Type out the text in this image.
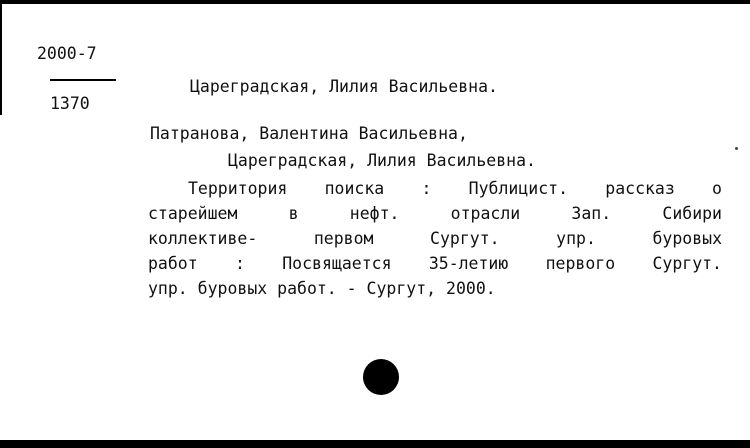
2000-7
1370
Цареградская, Лилия Васильевна.
Патранова, Валентина Васильевна,
Цареградская, Лилия Васильевна.
Территория поиска : Публицист. рассказ о
старейшем в нефт. отрасли Зап. Сибири
коллективе- первом Сургут. упр. буровых
работ : Посвящается 35-летию первого Сургут.
упр. буровых работ. - Сургут, 2000.
